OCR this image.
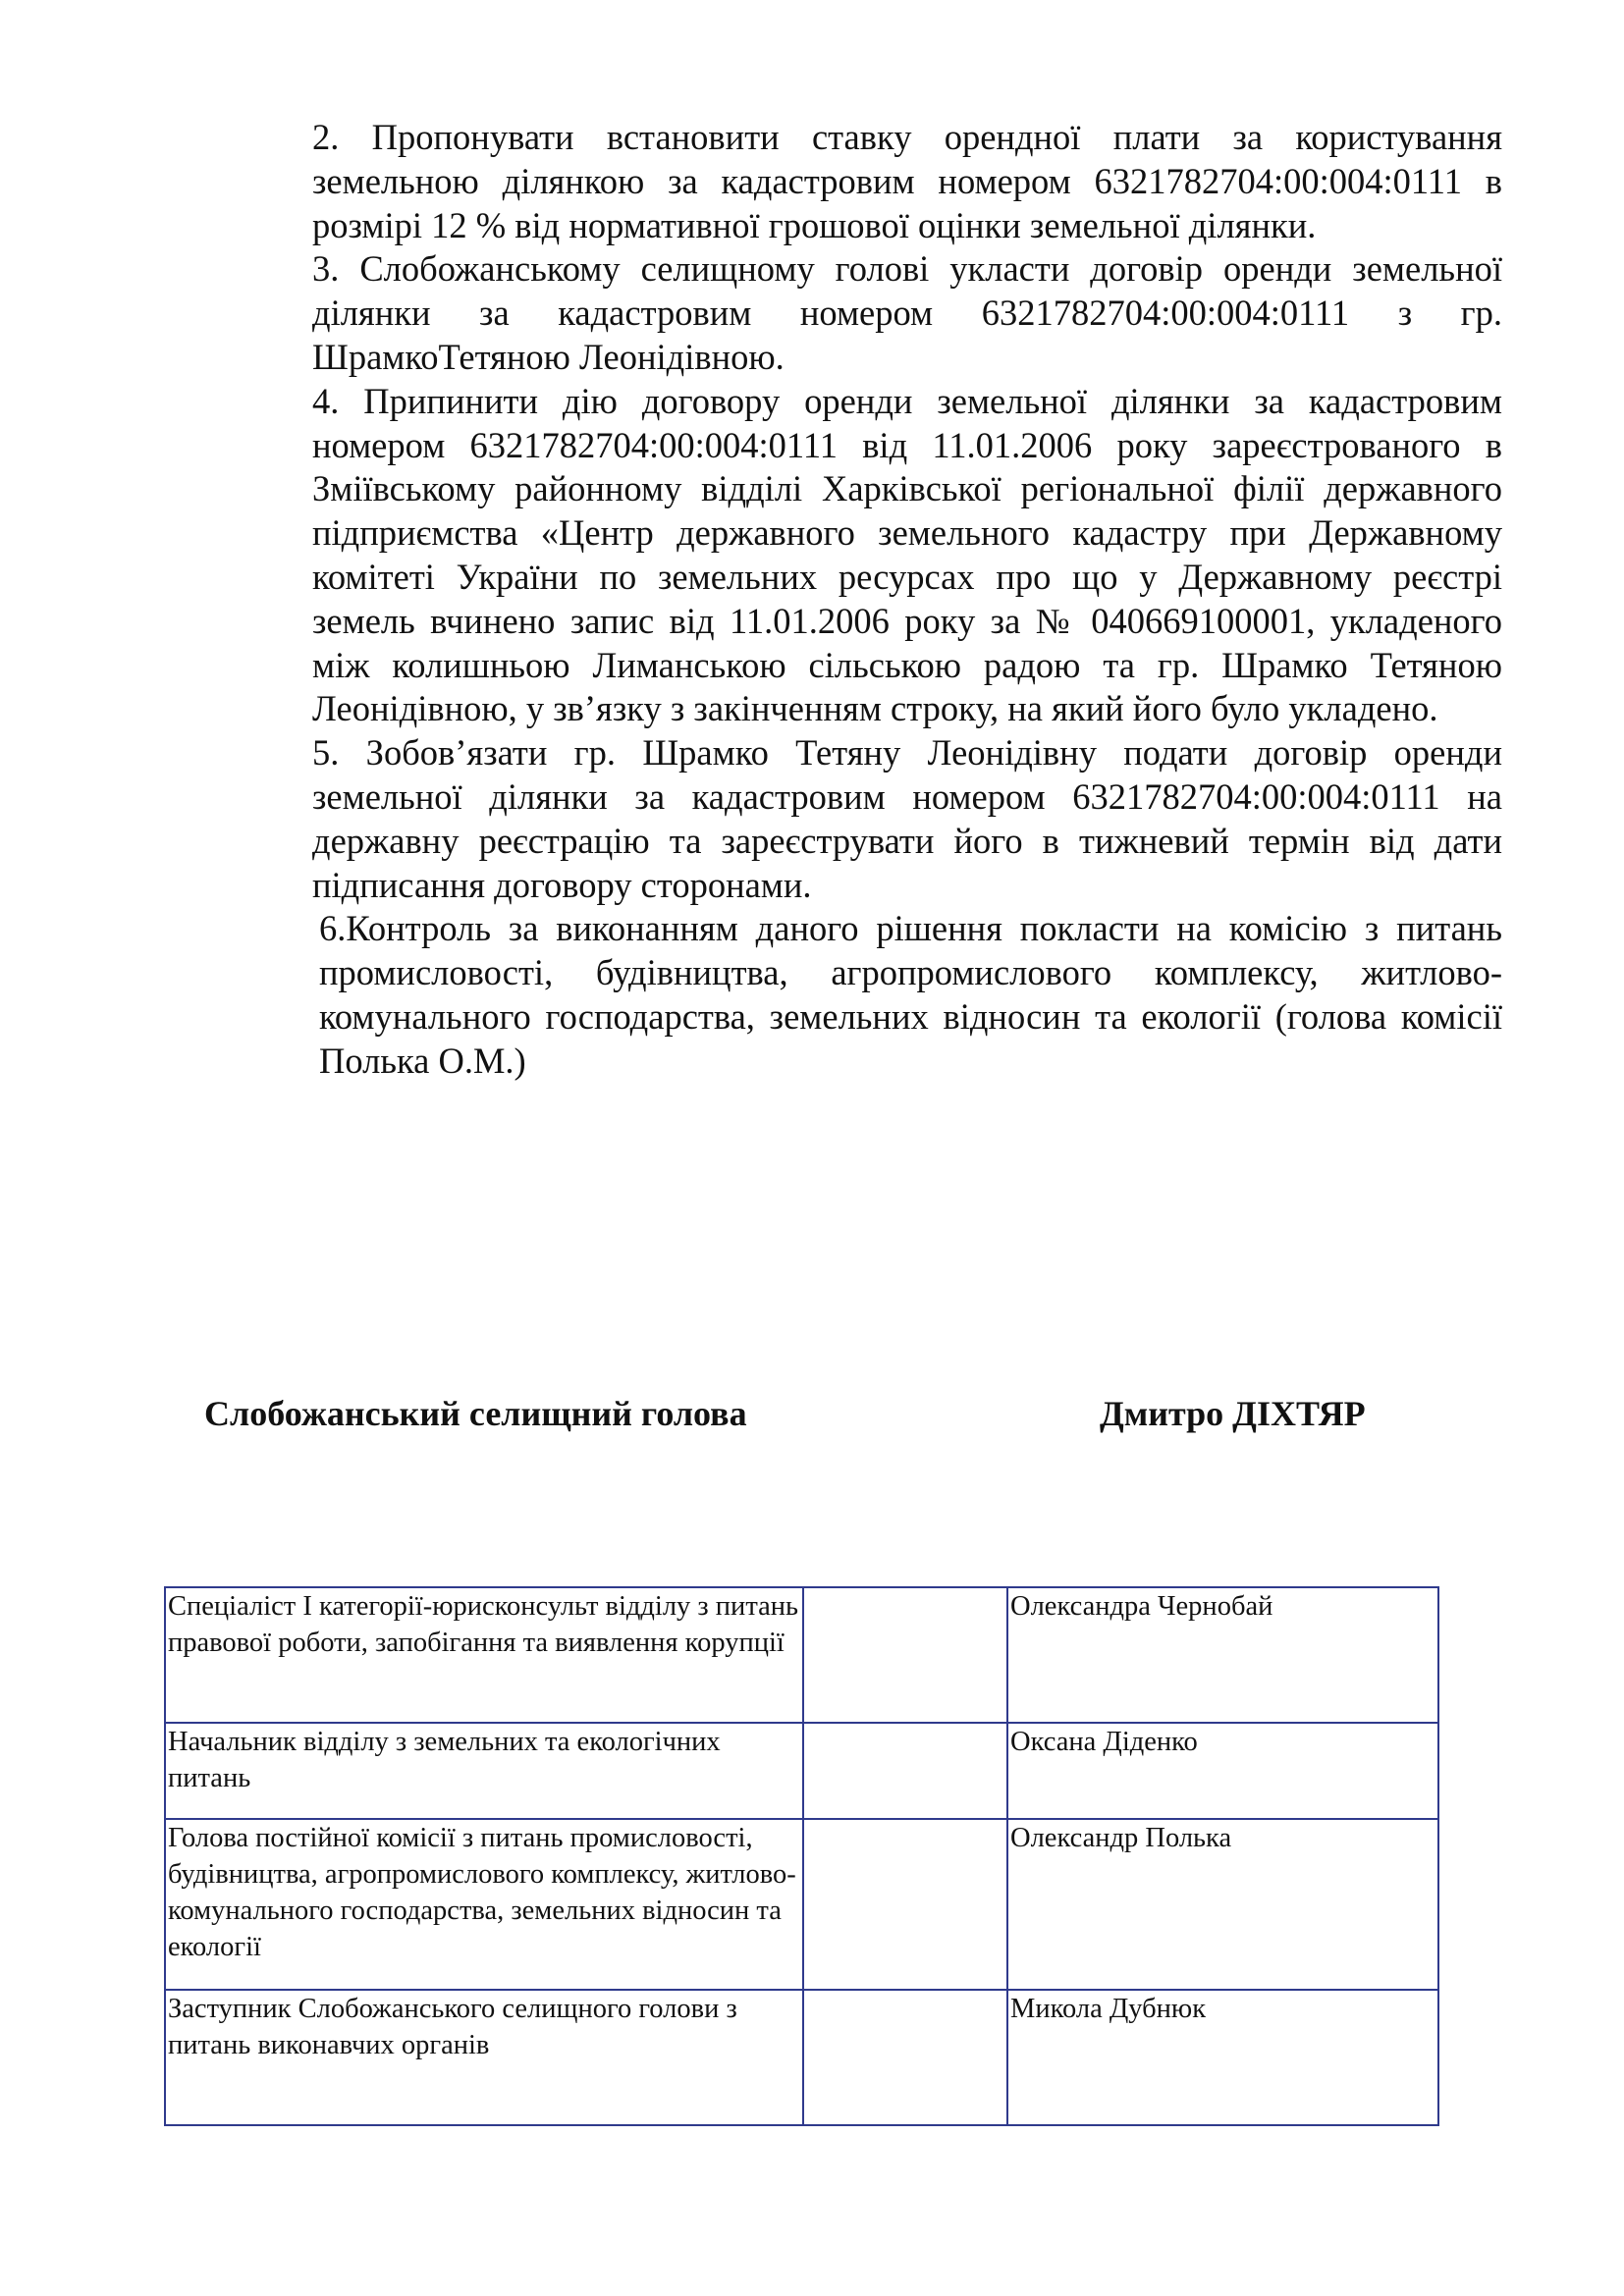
2. Пропонувати встановити ставку орендної плати за користування земельною ділянкою за кадастровим номером 6321782704:00:004:0111 в розмірі 12 % від нормативної грошової оцінки земельної ділянки.

3. Слобожанському селищному голові укласти договір оренди земельної ділянки за кадастровим номером 6321782704:00:004:0111 з гр. ШрамкоТетяною Леонідівною.

4. Припинити дію договору оренди земельної ділянки за кадастровим номером 6321782704:00:004:0111 від 11.01.2006 року зареєстрованого в Зміївському районному відділі Харківської регіональної філії державного підприємства «Центр державного земельного кадастру при Державному комітеті України по земельних ресурсах про що у Державному реєстрі земель вчинено запис від 11.01.2006 року за № 040669100001, укладеного між колишньою Лиманською сільською радою та гр. Шрамко Тетяною Леонідівною, у зв’язку з закінченням строку, на який його було укладено.

5. Зобов’язати гр. Шрамко Тетяну Леонідівну подати договір оренди земельної ділянки за кадастровим номером 6321782704:00:004:0111 на державну реєстрацію та зареєструвати його в тижневий термін від дати підписання договору сторонами.

6.Контроль за виконанням даного рішення покласти на комісію з питань промисловості, будівництва, агропромислового комплексу, житлово-комунального господарства, земельних відносин та екології (голова комісії Полька О.М.)

Слобожанський селищний голова	Дмитро ДІХТЯР
Спеціаліст І категорії-юрисконсульт відділу з питань правової роботи, запобігання та виявлення корупції		Олександра Чернобай
Начальник відділу з земельних та екологічних питань		Оксана Діденко
Голова постійної комісії з питань промисловості, будівництва, агропромислового комплексу, житлово-комунального господарства, земельних відносин та екології		Олександр Полька
Заступник Слобожанського селищного голови з питань виконавчих органів		Микола Дубнюк
